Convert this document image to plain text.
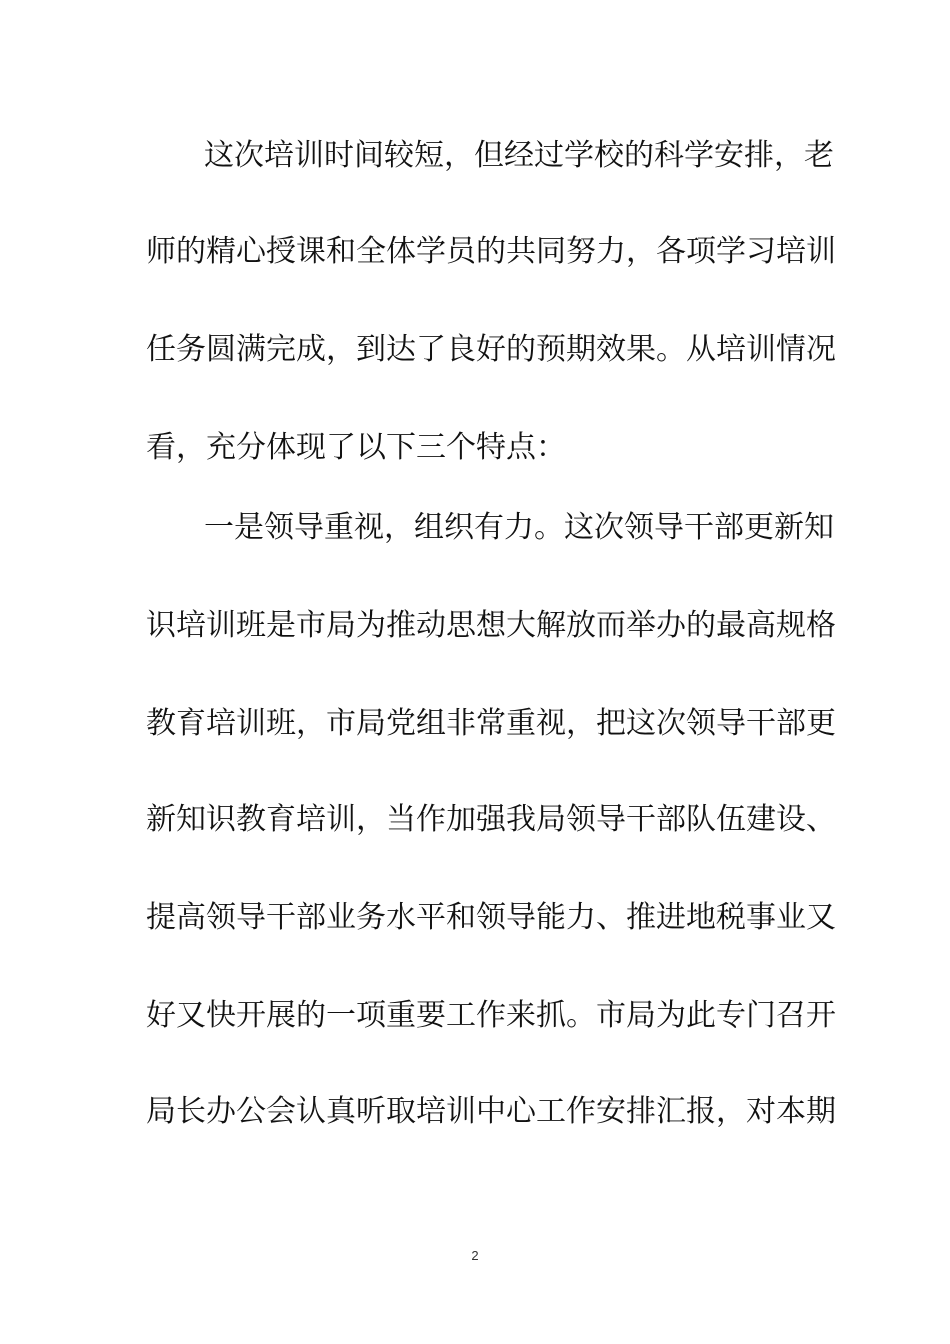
这次培训时间较短，但经过学校的科学安排，老
师的精心授课和全体学员的共同努力，各项学习培训
任务圆满完成，到达了良好的预期效果。从培训情况
看，充分体现了以下三个特点：
一是领导重视，组织有力。这次领导干部更新知
识培训班是市局为推动思想大解放而举办的最高规格
教育培训班，市局党组非常重视，把这次领导干部更
新知识教育培训，当作加强我局领导干部队伍建设、
提高领导干部业务水平和领导能力、推进地税事业又
好又快开展的一项重要工作来抓。市局为此专门召开
局长办公会认真听取培训中心工作安排汇报，对本期
2
